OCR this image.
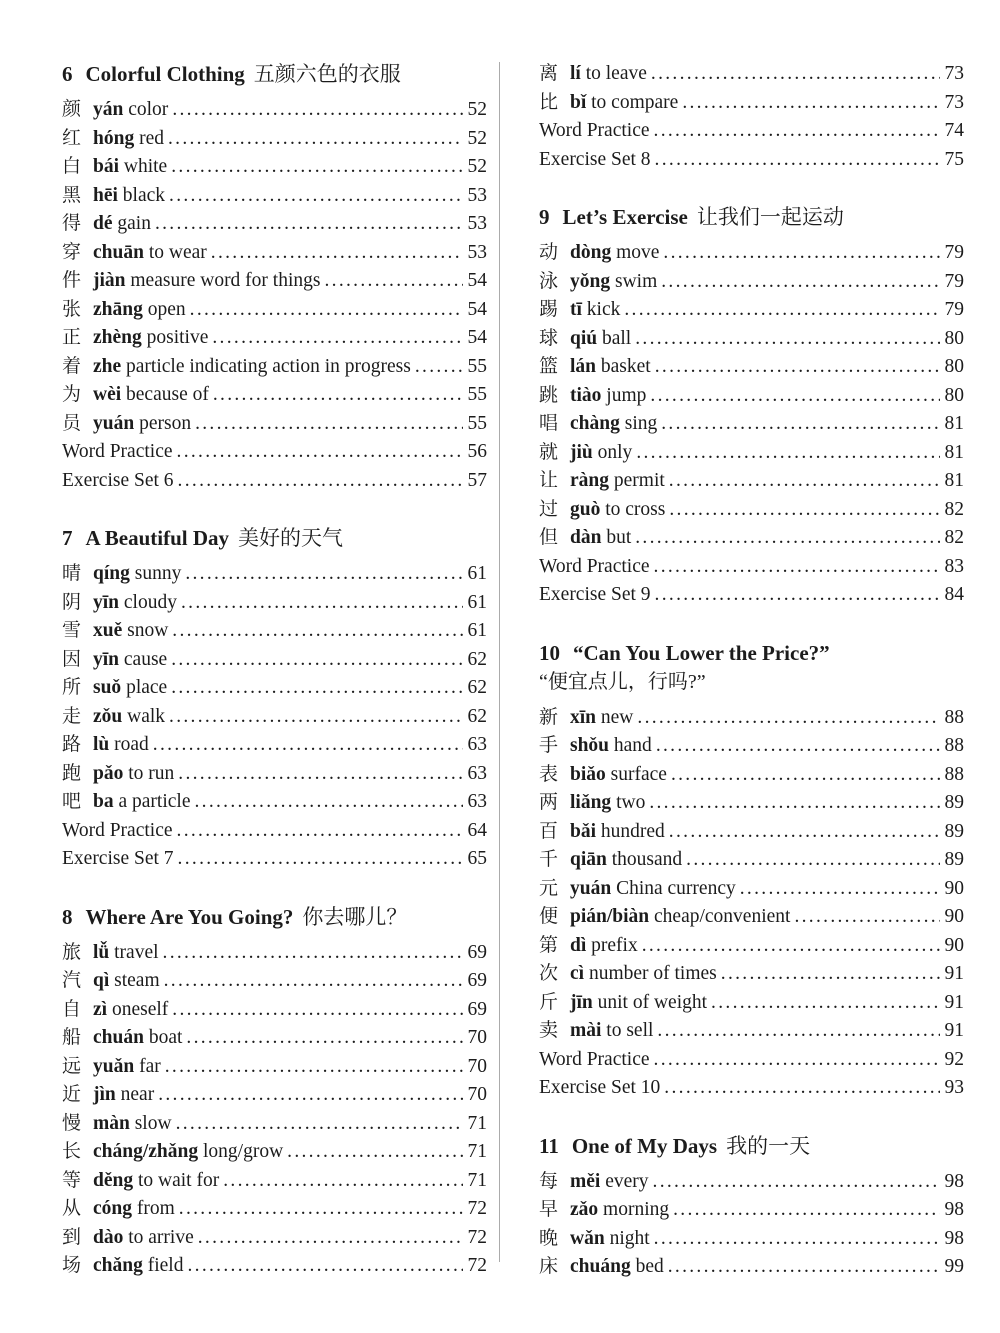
6 Colorful Clothing 五颜六色的衣服
颜 yán color .....	52
红 hóng red .....	52
白 bái white .....	52
黑 hēi black .....	53
得 dé gain .....	53
穿 chuān to wear .....	53
件 jiàn measure word for things .....	54
张 zhāng open .....	54
正 zhèng positive .....	54
着 zhe particle indicating action in progress .....	55
为 wèi because of .....	55
员 yuán person .....	55
Word Practice .....	56
Exercise Set 6 .....	57
7 A Beautiful Day 美好的天气
晴 qíng sunny .....	61
阴 yīn cloudy .....	61
雪 xuě snow .....	61
因 yīn cause .....	62
所 suǒ place .....	62
走 zǒu walk .....	62
路 lù road .....	63
跑 pǎo to run .....	63
吧 ba a particle .....	63
Word Practice .....	64
Exercise Set 7 .....	65
8 Where Are You Going? 你去哪儿？
旅 lǚ travel .....	69
汽 qì steam .....	69
自 zì oneself .....	69
船 chuán boat .....	70
远 yuǎn far .....	70
近 jìn near .....	70
慢 màn slow .....	71
长 cháng/zhǎng long/grow .....	71
等 děng to wait for .....	71
从 cóng from .....	72
到 dào to arrive .....	72
场 chǎng field .....	72
离 lí to leave .....	73
比 bǐ to compare .....	73
Word Practice .....	74
Exercise Set 8 .....	75
9 Let’s Exercise 让我们一起运动
动 dòng move .....	79
泳 yǒng swim .....	79
踢 tī kick .....	79
球 qiú ball .....	80
篮 lán basket .....	80
跳 tiào jump .....	80
唱 chàng sing .....	81
就 jiù only .....	81
让 ràng permit .....	81
过 guò to cross .....	82
但 dàn but .....	82
Word Practice .....	83
Exercise Set 9 .....	84
10 “Can You Lower the Price?”
“便宜点儿，行吗?”
新 xīn new .....	88
手 shǒu hand .....	88
表 biǎo surface .....	88
两 liǎng two .....	89
百 bǎi hundred .....	89
千 qiān thousand .....	89
元 yuán China currency .....	90
便 pián/biàn cheap/convenient .....	90
第 dì prefix .....	90
次 cì number of times .....	91
斤 jīn unit of weight .....	91
卖 mài to sell .....	91
Word Practice .....	92
Exercise Set 10 .....	93
11 One of My Days 我的一天
每 měi every .....	98
早 zǎo morning .....	98
晚 wǎn night .....	98
床 chuáng bed .....	99
